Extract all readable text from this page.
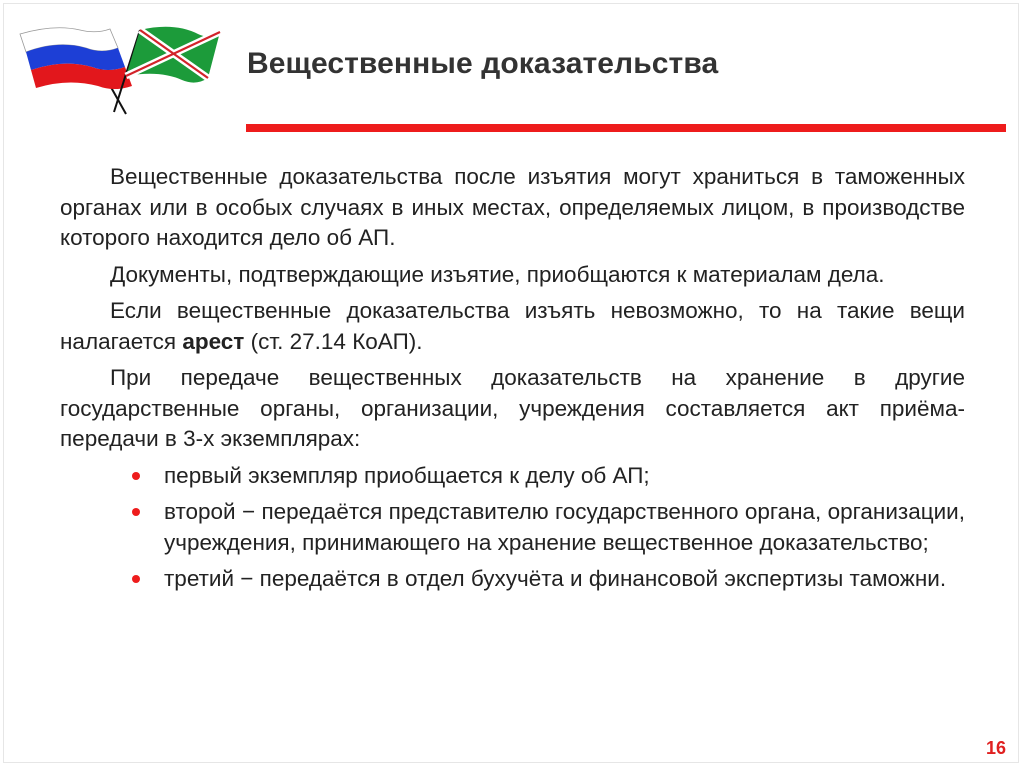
Вещественные доказательства

Вещественные доказательства после изъятия могут храниться в таможенных органах или в особых случаях в иных местах, определяемых лицом, в производстве которого находится дело об АП.

Документы, подтверждающие изъятие, приобщаются к материалам дела.

Если вещественные доказательства изъять невозможно, то на такие вещи налагается арест (ст. 27.14 КоАП).

При передаче вещественных доказательств на хранение в другие государственные органы, организации, учреждения составляется акт приёма-передачи в 3-х экземплярах:

первый экземпляр приобщается к делу об АП;
второй − передаётся представителю государственного органа, организации, учреждения, принимающего на хранение вещественное доказательство;
третий − передаётся в отдел бухучёта и финансовой экспертизы таможни.
16
